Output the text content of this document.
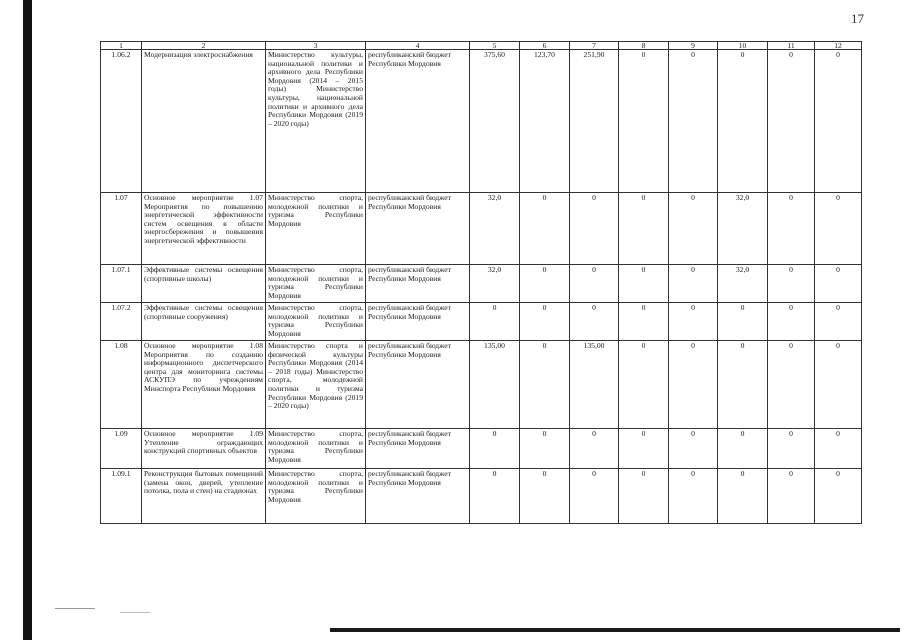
17
1	2	3	4	5	6	7	8	9	10	11	12
1.06.2	Модернизация электроснабжения	Министерство культуры, национальной политики и архивного дела Республики Мордовия (2014 – 2015 годы) Министерство культуры, национальной политики и архивного дела Республики Мордовия (2019 – 2020 годы)	республиканский бюджет Республики Мордовия	375,60	123,70	251,90	0	0	0	0	0
1.07	Основное мероприятие 1.07 Мероприятия по повышению энергетической эффективности систем освещения в области энергосбережения и повышения энергетической эффективности	Министерство спорта, молодежной политики и туризма Республики Мордовия	республиканский бюджет Республики Мордовия	32,0	0	0	0	0	32,0	0	0
1.07.1	Эффективные системы освещения (спортивные школы)	Министерство спорта, молодежной политики и туризма Республики Мордовия	республиканский бюджет Республики Мордовия	32,0	0	0	0	0	32,0	0	0
1.07.2	Эффективные системы освещения (спортивные сооружения)	Министерство спорта, молодежной политики и туризма Республики Мордовия	республиканский бюджет Республики Мордовия	0	0	0	0	0	0	0	0
1.08	Основное мероприятие 1.08 Мероприятия по созданию информационного диспетчерского центра для мониторинга системы АСКУПЭ по учреждениям Минспорта Республики Мордовия	Министерство спорта и физической культуры Республики Мордовия (2014 – 2018 годы) Министерство спорта, молодежной политики и туризма Республики Мордовия (2019 – 2020 годы)	республиканский бюджет Республики Мордовия	135,00	0	135,00	0	0	0	0	0
1.09	Основное мероприятие 1.09 Утепление ограждающих конструкций спортивных объектов	Министерство спорта, молодежной политики и туризма Республики Мордовия	республиканский бюджет Республики Мордовия	0	0	0	0	0	0	0	0
1.09.1	Реконструкция бытовых помещений (замена окон, дверей, утепление потолка, пола и стен) на стадионах	Министерство спорта, молодежной политики и туризма Республики Мордовия	республиканский бюджет Республики Мордовия	0	0	0	0	0	0	0	0
